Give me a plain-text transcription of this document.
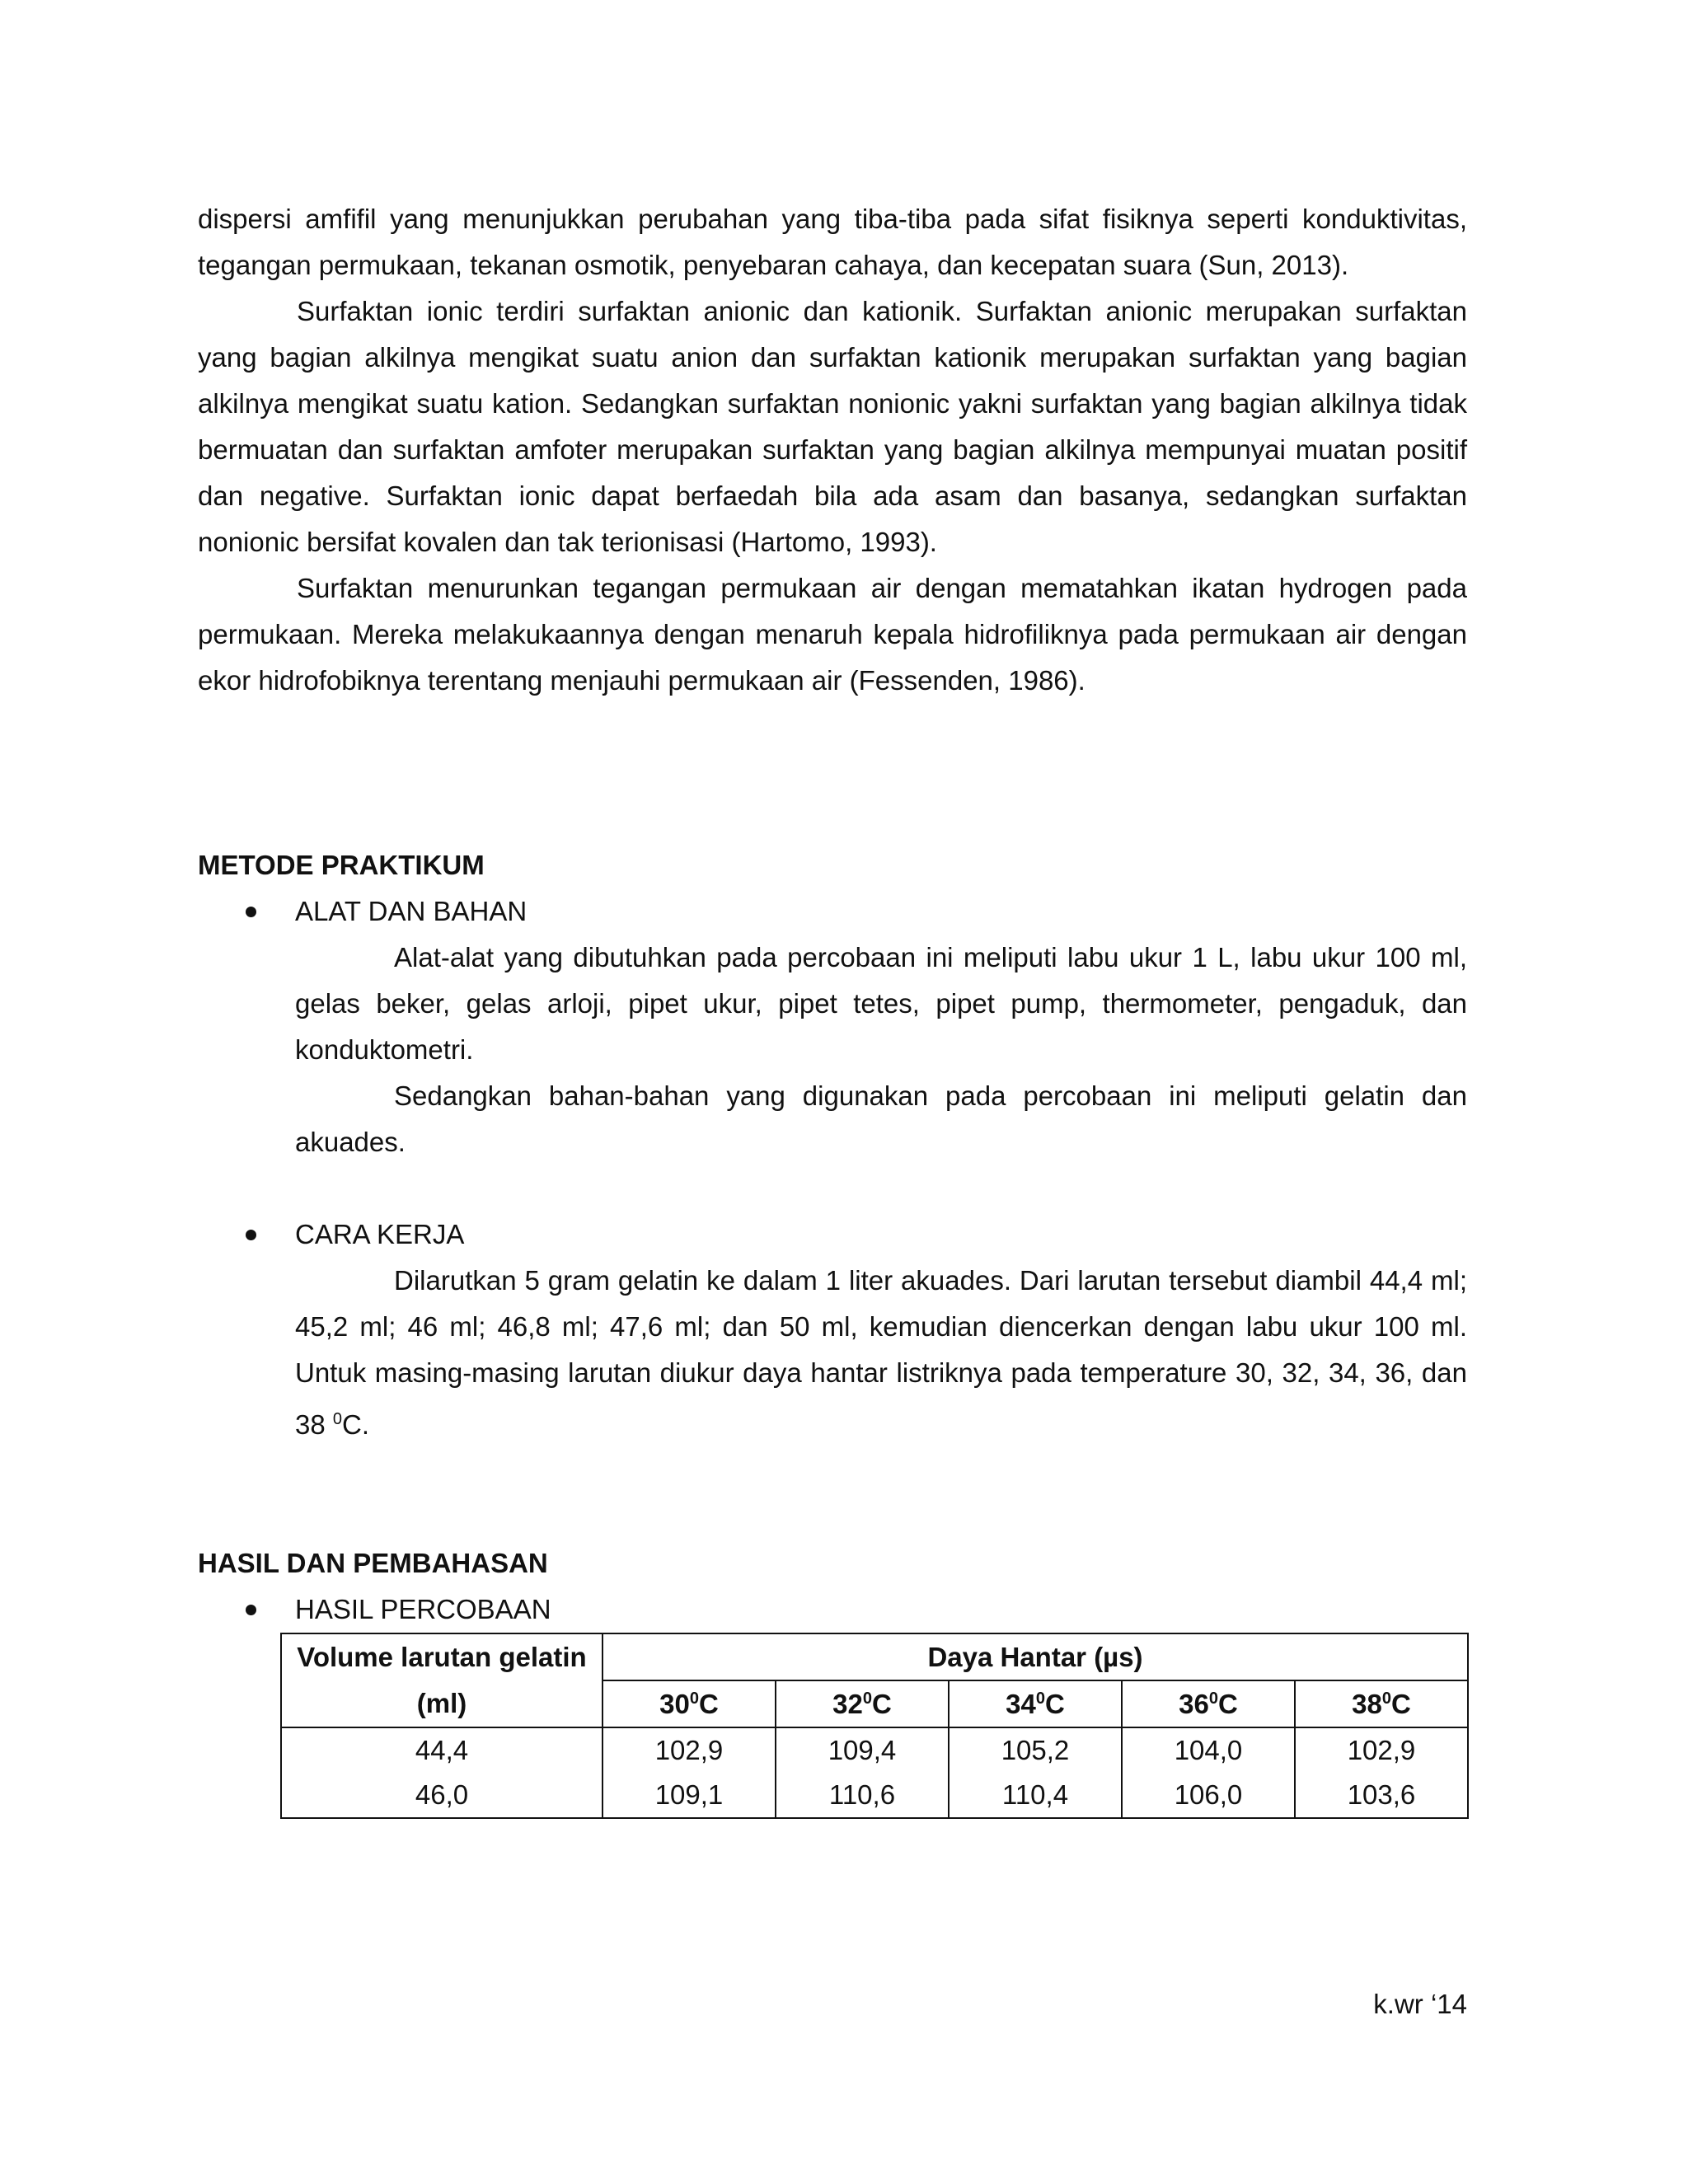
dispersi amfifil yang menunjukkan perubahan yang tiba-tiba pada sifat fisiknya seperti konduktivitas, tegangan permukaan, tekanan osmotik, penyebaran cahaya, dan kecepatan suara (Sun, 2013).

Surfaktan ionic terdiri surfaktan anionic dan kationik. Surfaktan anionic merupakan surfaktan yang bagian alkilnya mengikat suatu anion dan surfaktan kationik merupakan surfaktan yang bagian alkilnya mengikat suatu kation. Sedangkan surfaktan nonionic yakni surfaktan yang bagian alkilnya tidak bermuatan dan surfaktan amfoter merupakan surfaktan yang bagian alkilnya mempunyai muatan positif dan negative. Surfaktan ionic dapat berfaedah bila ada asam dan basanya, sedangkan surfaktan nonionic bersifat kovalen dan tak terionisasi (Hartomo, 1993).

Surfaktan menurunkan tegangan permukaan air dengan mematahkan ikatan hydrogen pada permukaan. Mereka melakukaannya dengan menaruh kepala hidrofiliknya pada permukaan air dengan ekor hidrofobiknya terentang menjauhi permukaan air (Fessenden, 1986).

METODE PRAKTIKUM
ALAT DAN BAHAN

Alat-alat yang dibutuhkan pada percobaan ini meliputi labu ukur 1 L, labu ukur 100 ml, gelas beker, gelas arloji, pipet ukur, pipet tetes, pipet pump, thermometer, pengaduk, dan konduktometri.

Sedangkan bahan-bahan yang digunakan pada percobaan ini meliputi gelatin dan akuades.

CARA KERJA

Dilarutkan 5 gram gelatin ke dalam 1 liter akuades. Dari larutan tersebut diambil 44,4 ml; 45,2 ml; 46 ml; 46,8 ml; 47,6 ml; dan 50 ml, kemudian diencerkan dengan labu ukur 100 ml. Untuk masing-masing larutan diukur daya hantar listriknya pada temperature 30, 32, 34, 36, dan 38 $^0$C.

HASIL DAN PEMBAHASAN
HASIL PERCOBAAN
Volume larutan gelatin (ml)	Daya Hantar (µs)				
	$30^0C$	$32^0C$	$34^0C$	$36^0C$	$38^0C$
44,4	102,9	109,4	105,2	104,0	102,9
46,0	109,1	110,6	110,4	106,0	103,6
k.wr ‘14
